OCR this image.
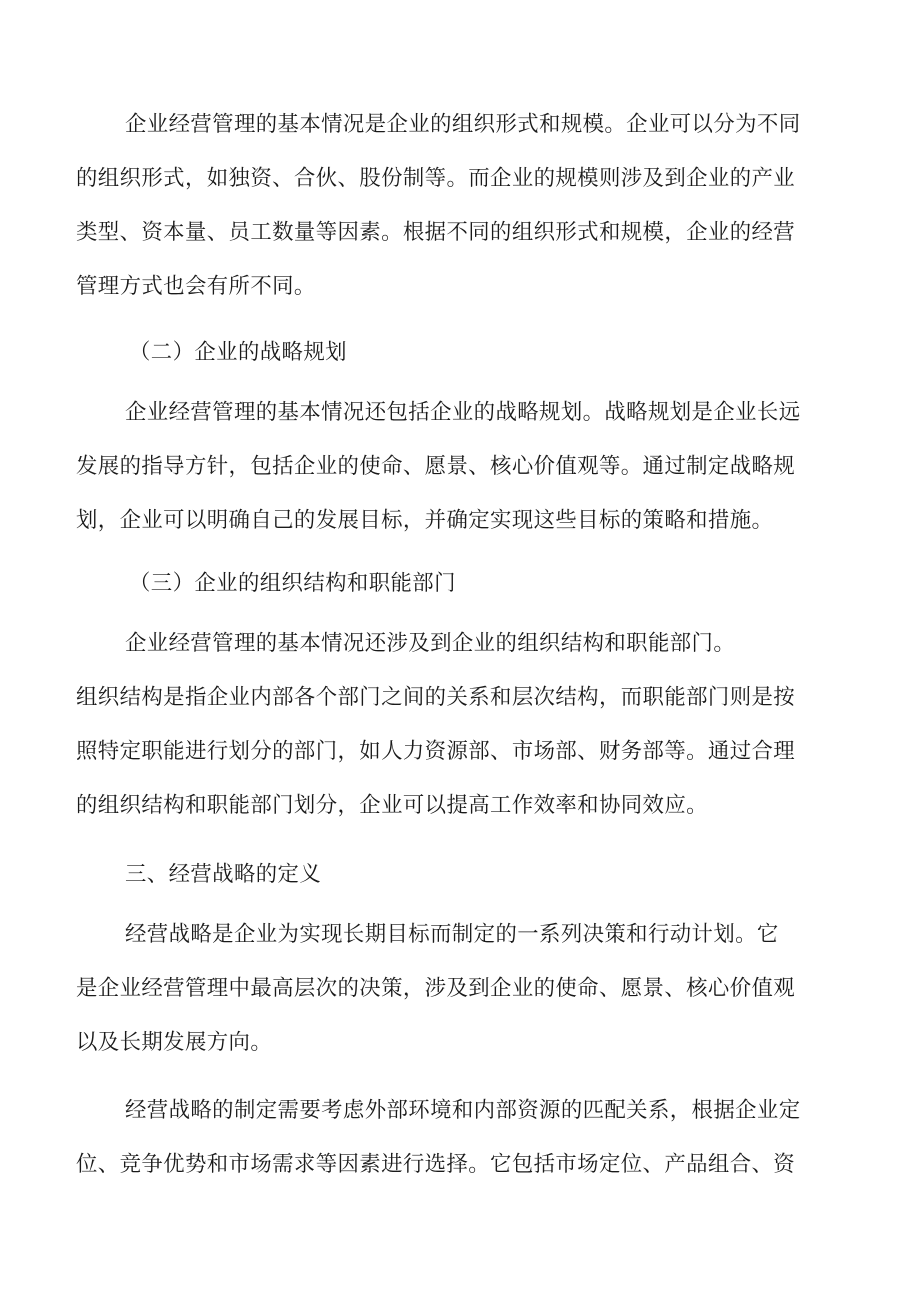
企业经营管理的基本情况是企业的组织形式和规模。企业可以分为不同
的组织形式，如独资、合伙、股份制等。而企业的规模则涉及到企业的产业
类型、资本量、员工数量等因素。根据不同的组织形式和规模，企业的经营
管理方式也会有所不同。
（二）企业的战略规划
企业经营管理的基本情况还包括企业的战略规划。战略规划是企业长远
发展的指导方针，包括企业的使命、愿景、核心价值观等。通过制定战略规
划，企业可以明确自己的发展目标，并确定实现这些目标的策略和措施。
（三）企业的组织结构和职能部门
企业经营管理的基本情况还涉及到企业的组织结构和职能部门。
组织结构是指企业内部各个部门之间的关系和层次结构，而职能部门则是按
照特定职能进行划分的部门，如人力资源部、市场部、财务部等。通过合理
的组织结构和职能部门划分，企业可以提高工作效率和协同效应。
三、经营战略的定义
经营战略是企业为实现长期目标而制定的一系列决策和行动计划。它
是企业经营管理中最高层次的决策，涉及到企业的使命、愿景、核心价值观
以及长期发展方向。
经营战略的制定需要考虑外部环境和内部资源的匹配关系，根据企业定
位、竞争优势和市场需求等因素进行选择。它包括市场定位、产品组合、资
